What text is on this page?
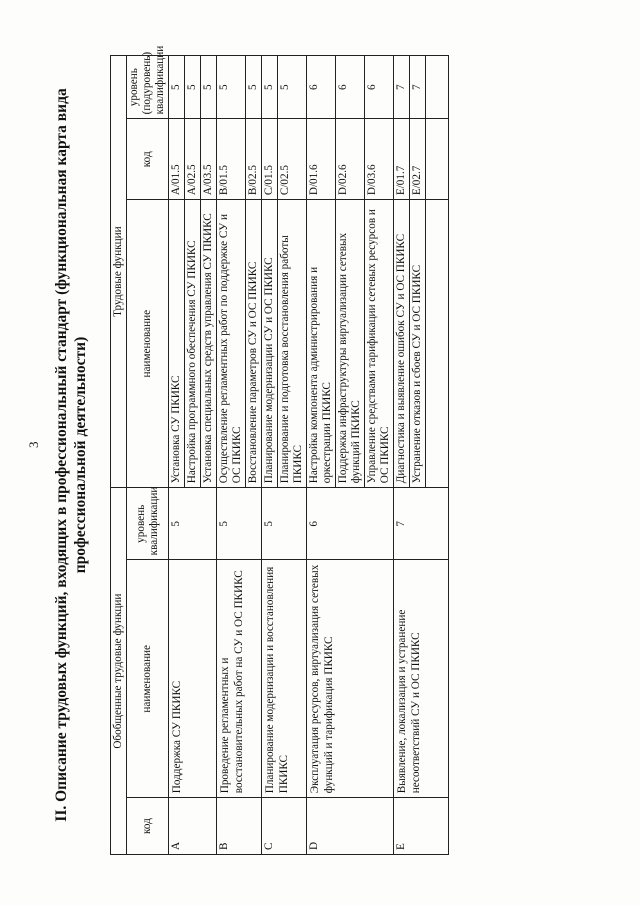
3 II. Описание трудовых функций, входящих в профессиональный стандарт (функциональная карта вида профессиональной деятельности)
Обобщенные трудовые функции			Трудовые функции		
код	наименование	уровень квалификации	наименование	код	уровень (подуровень) квалификации
A	Поддержка СУ ПКИКС	5	Установка СУ ПКИКС	A/01.5	5
			Настройка программного обеспечения СУ ПКИКС	A/02.5	5
			Установка специальных средств управления СУ ПКИКС	A/03.5	5
B	Проведение регламентных и восстановительных работ на СУ и ОС ПКИКС	5	Осуществление регламентных работ по поддержке СУ и ОС ПКИКС	B/01.5	5
			Восстановление параметров СУ и ОС ПКИКС	B/02.5	5
C	Планирование модернизации и восстановления ПКИКС	5	Планирование модернизации СУ и ОС ПКИКС	C/01.5	5
			Планирование и подготовка восстановления работы ПКИКС	C/02.5	5
D	Эксплуатация ресурсов, виртуализация сетевых функций и тарификация ПКИКС	6	Настройка компонента администрирования и оркестрации ПКИКС	D/01.6	6
			Поддержка инфраструктуры виртуализации сетевых функций ПКИКС	D/02.6	6
			Управление средствами тарификации сетевых ресурсов и ОС ПКИКС	D/03.6	6
E	Выявление, локализация и устранение несоответствий СУ и ОС ПКИКС	7	Диагностика и выявление ошибок СУ и ОС ПКИКС	E/01.7	7
			Устранение отказов и сбоев СУ и ОС ПКИКС	E/02.7	7
